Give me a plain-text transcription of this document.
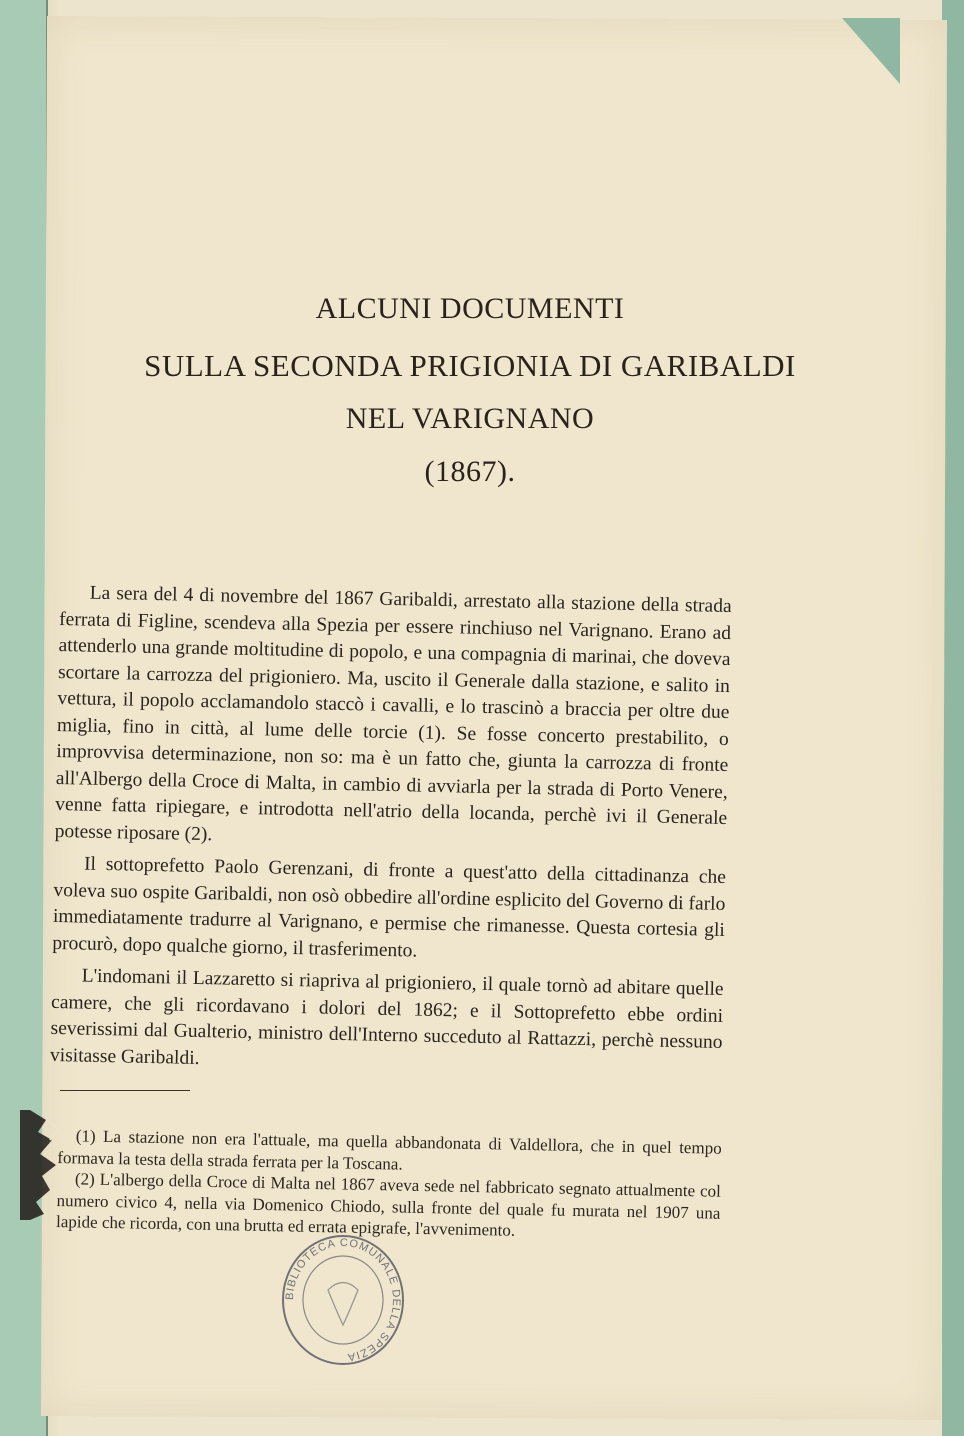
ALCUNI DOCUMENTI
SULLA SECONDA PRIGIONIA DI GARIBALDI
NEL VARIGNANO
(1867).

La sera del 4 di novembre del 1867 Garibaldi, arrestato alla stazione della strada ferrata di Figline, scendeva alla Spezia per essere rinchiuso nel Varignano. Erano ad attenderlo una grande moltitudine di popolo, e una compagnia di marinai, che doveva scortare la carrozza del prigioniero. Ma, uscito il Generale dalla stazione, e salito in vettura, il popolo acclamandolo staccò i cavalli, e lo trascinò a braccia per oltre due miglia, fino in città, al lume delle torcie (1). Se fosse concerto prestabilito, o improvvisa determinazione, non so: ma è un fatto che, giunta la carrozza di fronte all'Albergo della Croce di Malta, in cambio di avviarla per la strada di Porto Venere, venne fatta ripiegare, e introdotta nell'atrio della locanda, perchè ivi il Generale potesse riposare (2).

Il sottoprefetto Paolo Gerenzani, di fronte a quest'atto della cittadinanza che voleva suo ospite Garibaldi, non osò obbedire all'ordine esplicito del Governo di farlo immediatamente tradurre al Varignano, e permise che rimanesse. Questa cortesia gli procurò, dopo qualche giorno, il trasferimento.

L'indomani il Lazzaretto si riapriva al prigioniero, il quale tornò ad abitare quelle camere, che gli ricordavano i dolori del 1862; e il Sottoprefetto ebbe ordini severissimi dal Gualterio, ministro dell'Interno succeduto al Rattazzi, perchè nessuno visitasse Garibaldi.

(1) La stazione non era l'attuale, ma quella abbandonata di Valdellora, che in quel tempo formava la testa della strada ferrata per la Toscana.

(2) L'albergo della Croce di Malta nel 1867 aveva sede nel fabbricato segnato attualmente col numero civico 4, nella via Domenico Chiodo, sulla fronte del quale fu murata nel 1907 una lapide che ricorda, con una brutta ed errata epigrafe, l'avvenimento.

BIBLIOTECA COMUNALE DELLA SPEZIA
